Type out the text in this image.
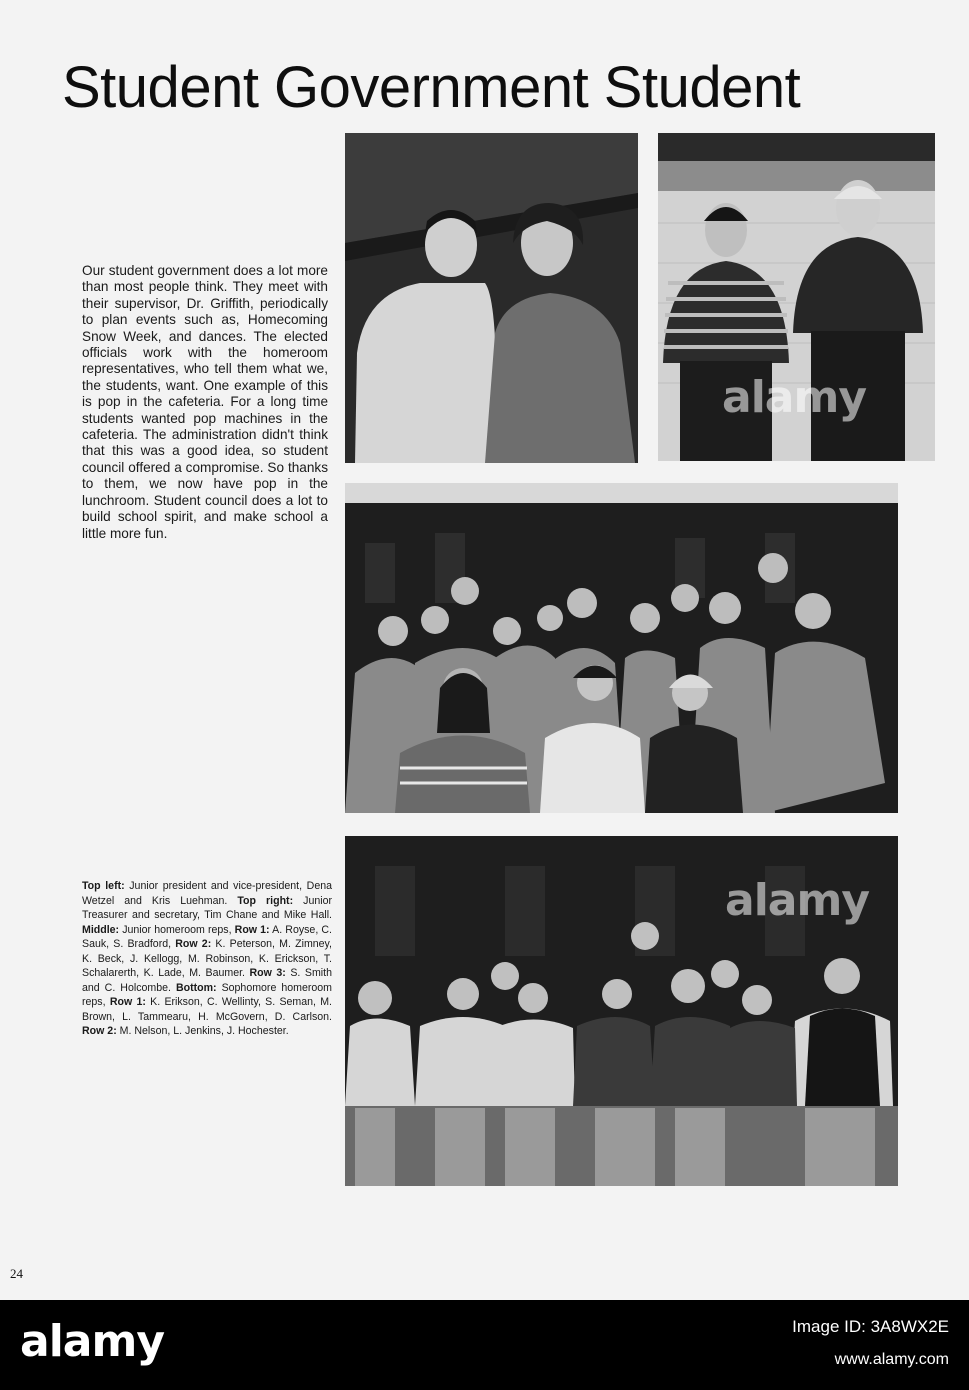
Student Government Student
alamy
alamy
Our student government does a lot more than most people think. They meet with their supervisor, Dr. Griffith, periodically to plan events such as, Homecoming Snow Week, and dances. The elected officials work with the homeroom representatives, who tell them what we, the students, want. One example of this is pop in the cafeteria. For a long time students wanted pop machines in the cafeteria. The administration didn't think that this was a good idea, so student council offered a compromise. So thanks to them, we now have pop in the lunchroom. Student council does a lot to build school spirit, and make school a little more fun.
Top left: Junior president and vice-president, Dena Wetzel and Kris Luehman. Top right: Junior Treasurer and secretary, Tim Chane and Mike Hall. Middle: Junior homeroom reps, Row 1: A. Royse, C. Sauk, S. Bradford, Row 2: K. Peterson, M. Zimney, K. Beck, J. Kellogg, M. Robinson, K. Erickson, T. Schalarerth, K. Lade, M. Baumer. Row 3: S. Smith and C. Holcombe. Bottom: Sophomore homeroom reps, Row 1: K. Erikson, C. Wellinty, S. Seman, M. Brown, L. Tammearu, H. McGovern, D. Carlson. Row 2: M. Nelson, L. Jenkins, J. Hochester.
24
alamy	Image ID: 3A8WX2E
www.alamy.com
